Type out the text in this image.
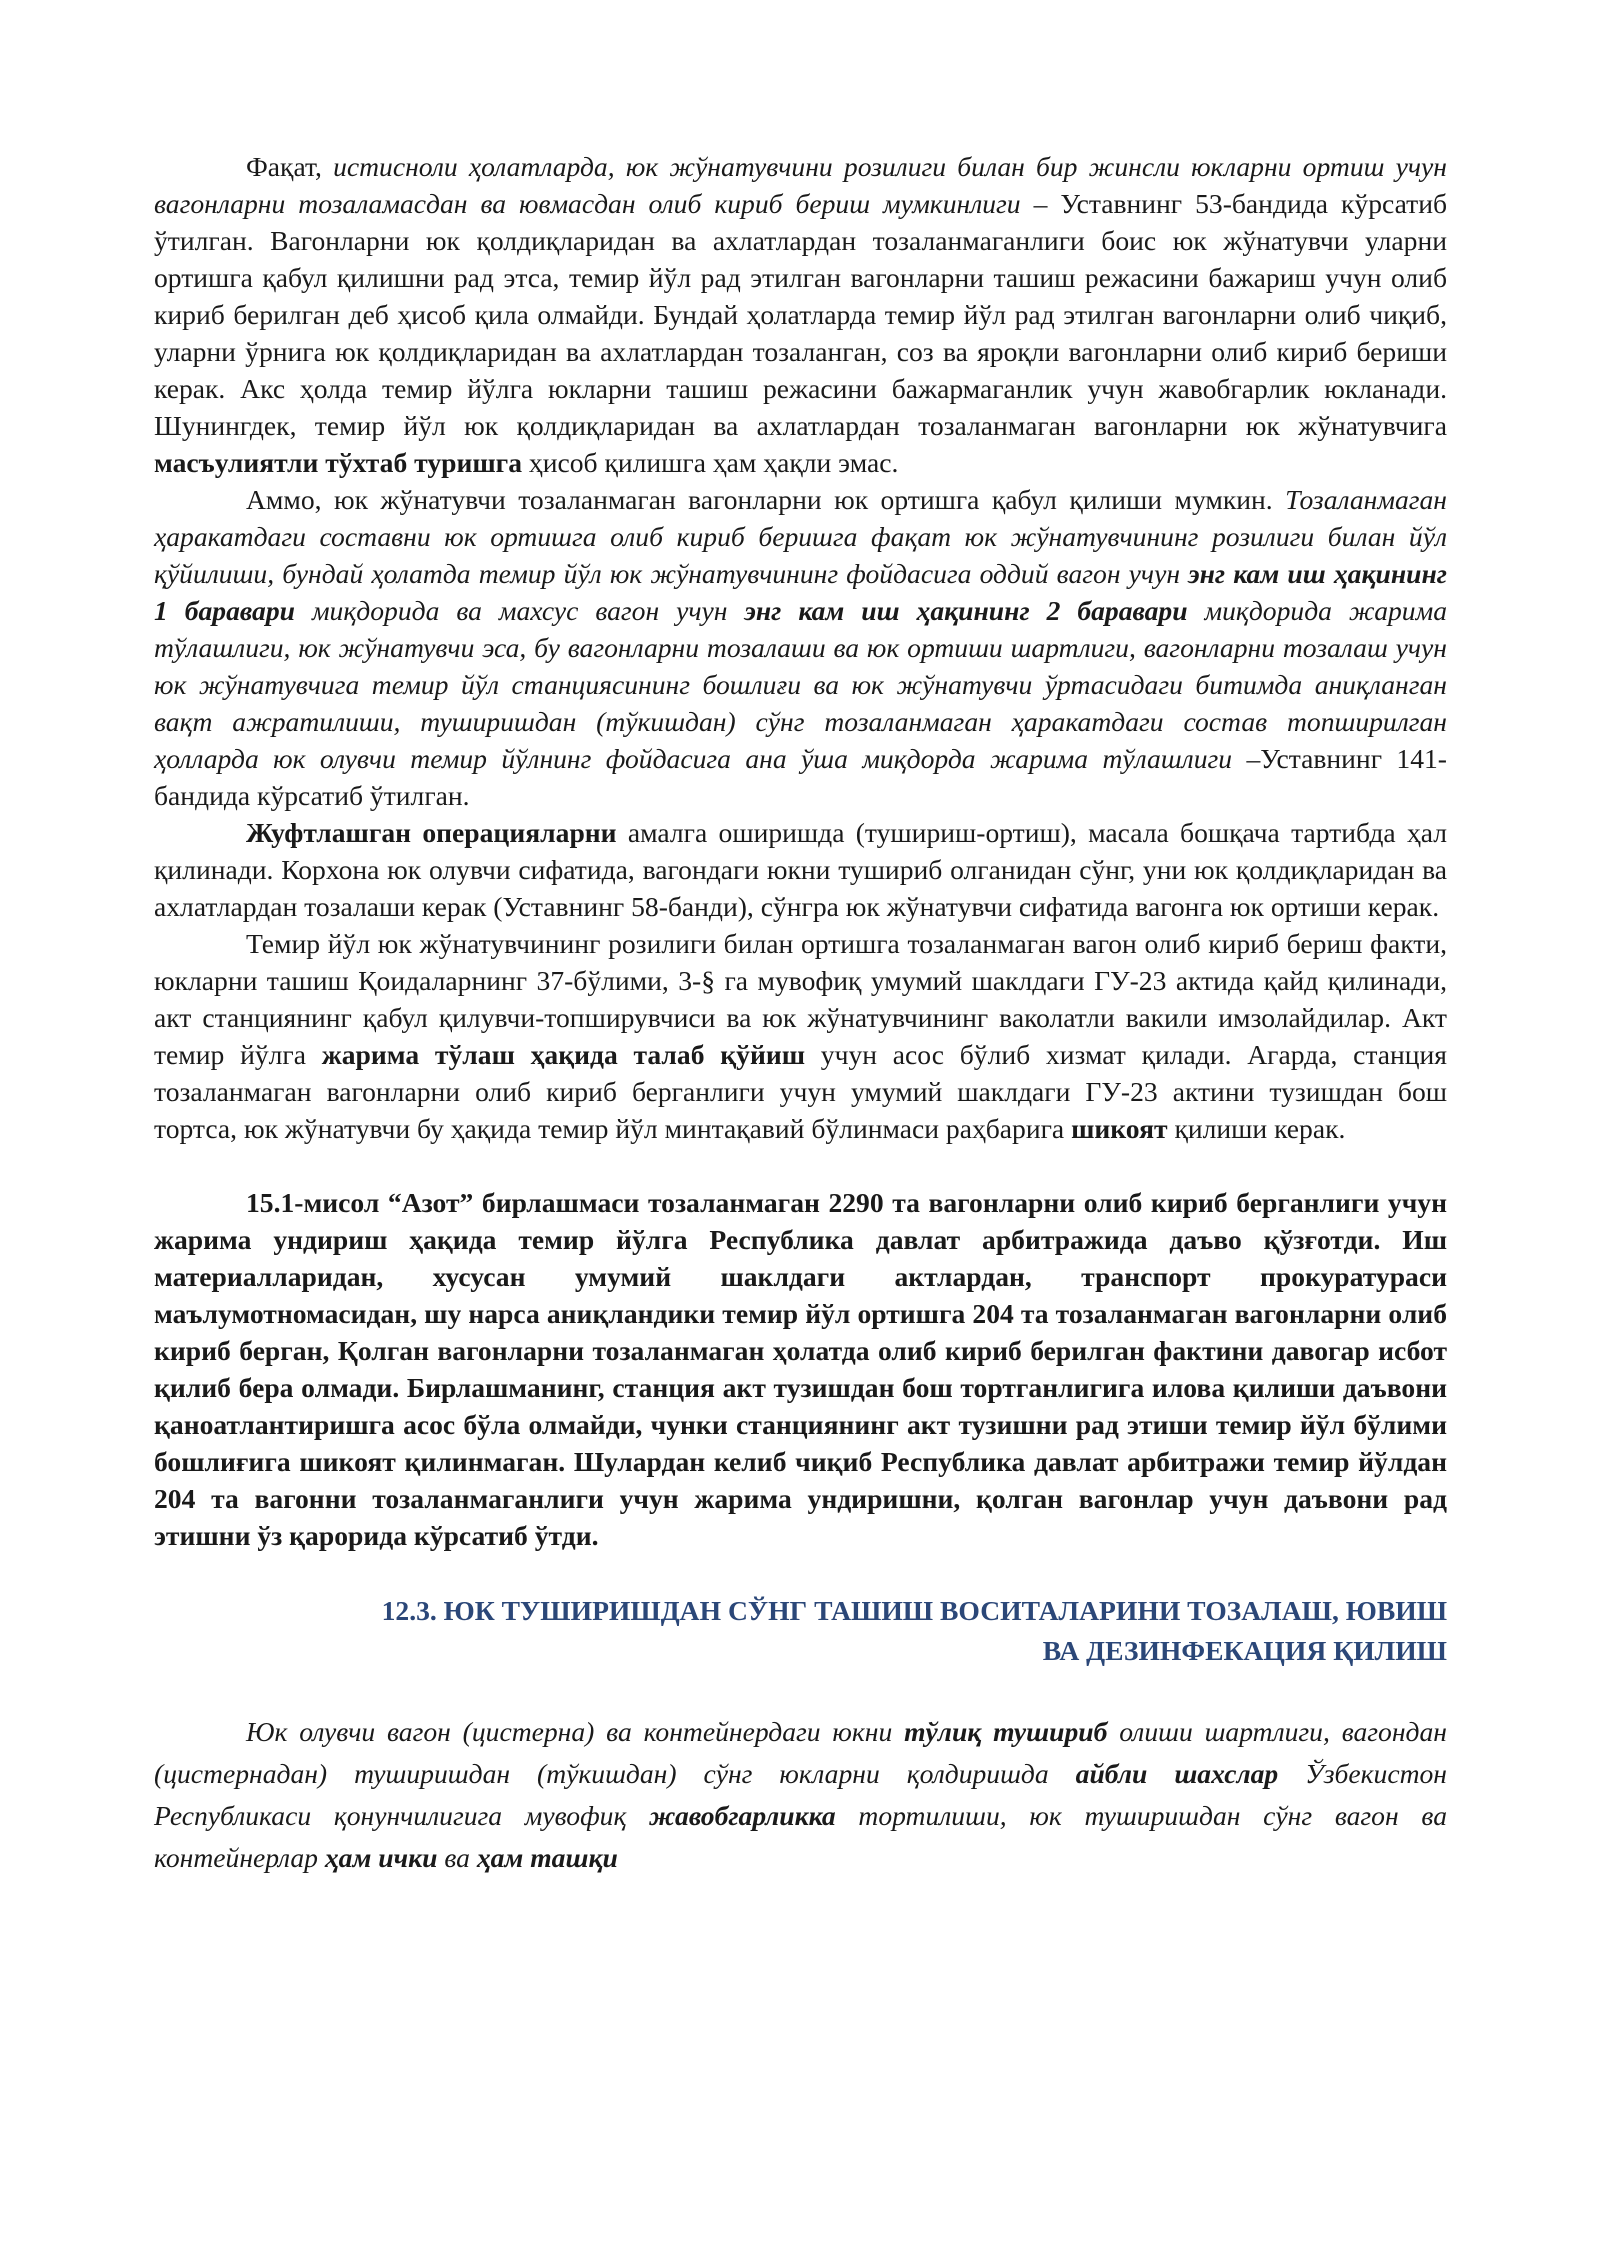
Фақат, истисноли ҳолатларда, юк жўнатувчини розилиги билан бир жинсли юкларни ортиш учун вагонларни тозаламасдан ва ювмасдан олиб кириб бериш мумкинлиги – Уставнинг 53-бандида кўрсатиб ўтилган. Вагонларни юк қолдиқларидан ва ахлатлардан тозаланмаганлиги боис юк жўнатувчи уларни ортишга қабул қилишни рад этса, темир йўл рад этилган вагонларни ташиш режасини бажариш учун олиб кириб берилган деб ҳисоб қила олмайди. Бундай ҳолатларда темир йўл рад этилган вагонларни олиб чиқиб, уларни ўрнига юк қолдиқларидан ва ахлатлардан тозаланган, соз ва яроқли вагонларни олиб кириб бериши керак. Акс ҳолда темир йўлга юкларни ташиш режасини бажармаганлик учун жавобгарлик юкланади. Шунингдек, темир йўл юк қолдиқларидан ва ахлатлардан тозаланмаган вагонларни юк жўнатувчига масъулиятли тўхтаб туришга ҳисоб қилишга ҳам ҳақли эмас.

Аммо, юк жўнатувчи тозаланмаган вагонларни юк ортишга қабул қилиши мумкин. Тозаланмаган ҳаракатдаги составни юк ортишга олиб кириб беришга фақат юк жўнатувчининг розилиги билан йўл қўйилиши, бундай ҳолатда темир йўл юк жўнатувчининг фойдасига оддий вагон учун энг кам иш ҳақининг 1 баравари миқдорида ва махсус вагон учун энг кам иш ҳақининг 2 баравари миқдорида жарима тўлашлиги, юк жўнатувчи эса, бу вагонларни тозалаши ва юк ортиши шартлиги, вагонларни тозалаш учун юк жўнатувчига темир йўл станциясининг бошлиғи ва юк жўнатувчи ўртасидаги битимда аниқланган вақт ажратилиши, туширишдан (тўкишдан) сўнг тозаланмаган ҳаракатдаги состав топширилган ҳолларда юк олувчи темир йўлнинг фойдасига ана ўша миқдорда жарима тўлашлиги –Уставнинг 141-бандида кўрсатиб ўтилган.

Жуфтлашган операцияларни амалга оширишда (тушириш-ортиш), масала бошқача тартибда ҳал қилинади. Корхона юк олувчи сифатида, вагондаги юкни тушириб олганидан сўнг, уни юк қолдиқларидан ва ахлатлардан тозалаши керак (Уставнинг 58-банди), сўнгра юк жўнатувчи сифатида вагонга юк ортиши керак.

Темир йўл юк жўнатувчининг розилиги билан ортишга тозаланмаган вагон олиб кириб бериш факти, юкларни ташиш Қоидаларнинг 37-бўлими, 3-§ га мувофиқ умумий шаклдаги ГУ-23 актида қайд қилинади, акт станциянинг қабул қилувчи-топширувчиси ва юк жўнатувчининг ваколатли вакили имзолайдилар. Акт темир йўлга жарима тўлаш ҳақида талаб қўйиш учун асос бўлиб хизмат қилади. Агарда, станция тозаланмаган вагонларни олиб кириб берганлиги учун умумий шаклдаги ГУ-23 актини тузишдан бош тортса, юк жўнатувчи бу ҳақида темир йўл минтақавий бўлинмаси раҳбарига шикоят қилиши керак.

15.1-мисол “Азот” бирлашмаси тозаланмаган 2290 та вагонларни олиб кириб берганлиги учун жарима ундириш ҳақида темир йўлга Республика давлат арбитражида даъво қўзғотди. Иш материалларидан, хусусан умумий шаклдаги актлардан, транспорт прокуратураси маълумотномасидан, шу нарса аниқландики темир йўл ортишга 204 та тозаланмаган вагонларни олиб кириб берган, Қолган вагонларни тозаланмаган ҳолатда олиб кириб берилган фактини давогар исбот қилиб бера олмади. Бирлашманинг, станция акт тузишдан бош тортганлигига илова қилиши даъвони қаноатлантиришга асос бўла олмайди, чунки станциянинг акт тузишни рад этиши темир йўл бўлими бошлиғига шикоят қилинмаган. Шулардан келиб чиқиб Республика давлат арбитражи темир йўлдан 204 та вагонни тозаланмаганлиги учун жарима ундиришни, қолган вагонлар учун даъвони рад этишни ўз қарорида кўрсатиб ўтди.

12.3. ЮК ТУШИРИШДАН СЎНГ ТАШИШ ВОСИТАЛАРИНИ ТОЗАЛАШ, ЮВИШ
ВА ДЕЗИНФЕКАЦИЯ ҚИЛИШ

Юк олувчи вагон (цистерна) ва контейнердаги юкни тўлиқ тушириб олиши шартлиги, вагондан (цистернадан) туширишдан (тўкишдан) сўнг юкларни қолдиришда айбли шахслар Ўзбекистон Республикаси қонунчилигига мувофиқ жавобгарликка тортилиши, юк туширишдан сўнг вагон ва контейнерлар ҳам ички ва ҳам ташқи
